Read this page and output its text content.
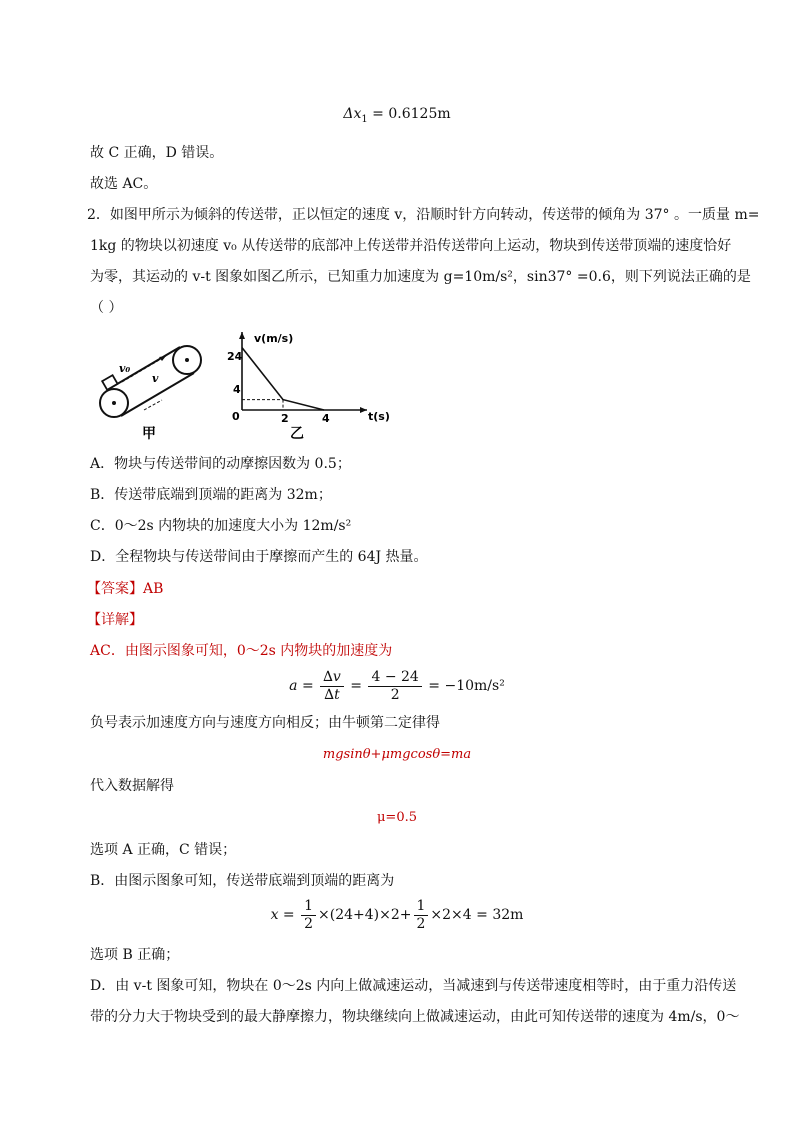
$\Delta x_1 = 0.6125m$
故 C 正确，D 错误。
故选 AC。
2．如图甲所示为倾斜的传送带，正以恒定的速度 v，沿顺时针方向转动，传送带的倾角为 37° 。一质量 m=
1kg 的物块以初速度 v₀ 从传送带的底部冲上传送带并沿传送带向上运动，物块到传送带顶端的速度恰好
为零，其运动的 v-t 图象如图乙所示，已知重力加速度为 g=10m/s²，sin37° =0.6，则下列说法正确的是
（ ）
v₀
v
甲
v(m/s)
t(s)
0
24
4
2	4
乙
A．物块与传送带间的动摩擦因数为 0.5；
B．传送带底端到顶端的距离为 32m；
C．0～2s 内物块的加速度大小为 12m/s²
D．全程物块与传送带间由于摩擦而产生的 64J 热量。
【答案】AB
【详解】
AC．由图示图象可知，0～2s 内物块的加速度为
$a = \frac{\Delta v}{\Delta t} = \frac{4 - 24}{2} = -10m/s^2$
负号表示加速度方向与速度方向相反；由牛顿第二定律得
mgsinθ+μmgcosθ=ma
代入数据解得
μ=0.5
选项 A 正确，C 错误；
B．由图示图象可知，传送带底端到顶端的距离为
$x = \frac{1}{2} \times(24+4)\times 2+ \frac{1}{2} \times 2\times 4 = 32m$
选项 B 正确；
D．由 v-t 图象可知，物块在 0～2s 内向上做减速运动，当减速到与传送带速度相等时，由于重力沿传送
带的分力大于物块受到的最大静摩擦力，物块继续向上做减速运动，由此可知传送带的速度为 4m/s，0～
